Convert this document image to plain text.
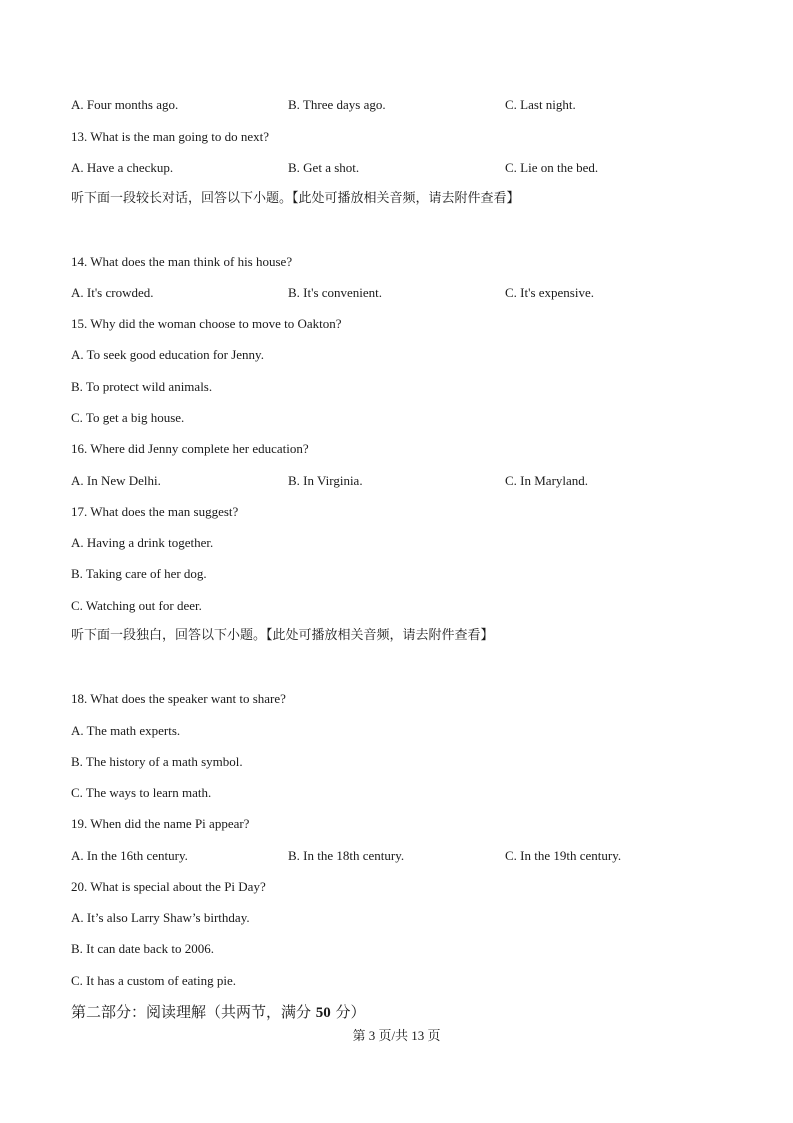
A. Four months ago.	B. Three days ago.	C. Last night.
13. What is the man going to do next?
A. Have a checkup.	B. Get a shot.	C. Lie on the bed.
听下面一段较长对话，回答以下小题。【此处可播放相关音频，请去附件查看】
14. What does the man think of his house?
A. It's crowded.	B. It's convenient.	C. It's expensive.
15. Why did the woman choose to move to Oakton?
A. To seek good education for Jenny.
B. To protect wild animals.
C. To get a big house.
16. Where did Jenny complete her education?
A. In New Delhi.	B. In Virginia.	C. In Maryland.
17. What does the man suggest?
A. Having a drink together.
B. Taking care of her dog.
C. Watching out for deer.
听下面一段独白，回答以下小题。【此处可播放相关音频，请去附件查看】
18. What does the speaker want to share?
A. The math experts.
B. The history of a math symbol.
C. The ways to learn math.
19. When did the name Pi appear?
A. In the 16th century.	B. In the 18th century.	C. In the 19th century.
20. What is special about the Pi Day?
A. It’s also Larry Shaw’s birthday.
B. It can date back to 2006.
C. It has a custom of eating pie.
第二部分：阅读理解（共两节，满分 50 分）
第 3 页/共 13 页
